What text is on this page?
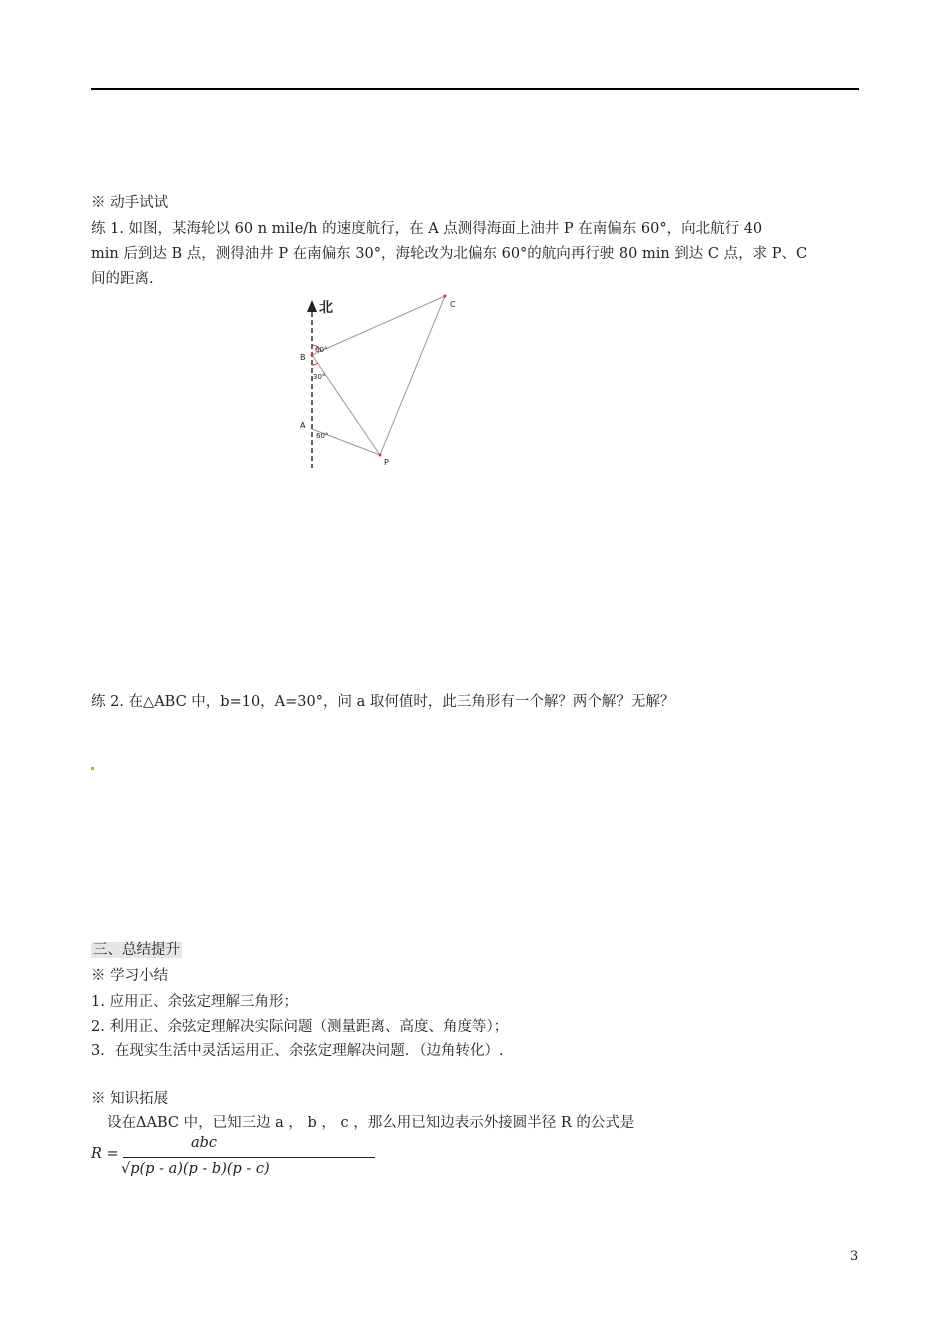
※ 动手试试
练 1. 如图，某海轮以 60 n mile/h 的速度航行，在 A 点测得海面上油井 P 在南偏东 60°，向北航行 40
min 后到达 B 点，测得油井 P 在南偏东 30°，海轮改为北偏东 60°的航向再行驶 80 min 到达 C 点，求 P、C
间的距离.
北	C
B
A
P
60°
30°
60°
练 2. 在△ABC 中，b=10，A=30°，问 a 取何值时，此三角形有一个解？两个解？无解？
三、总结提升
※ 学习小结
1. 应用正、余弦定理解三角形；
2. 利用正、余弦定理解决实际问题（测量距离、高度、角度等）；
3．在现实生活中灵活运用正、余弦定理解决问题．（边角转化）.
※ 知识拓展
设在ΔABC 中，已知三边 a ， b ， c ，那么用已知边表示外接圆半径 R 的公式是
R =
abc
√p(p - a)(p - b)(p - c)
3
